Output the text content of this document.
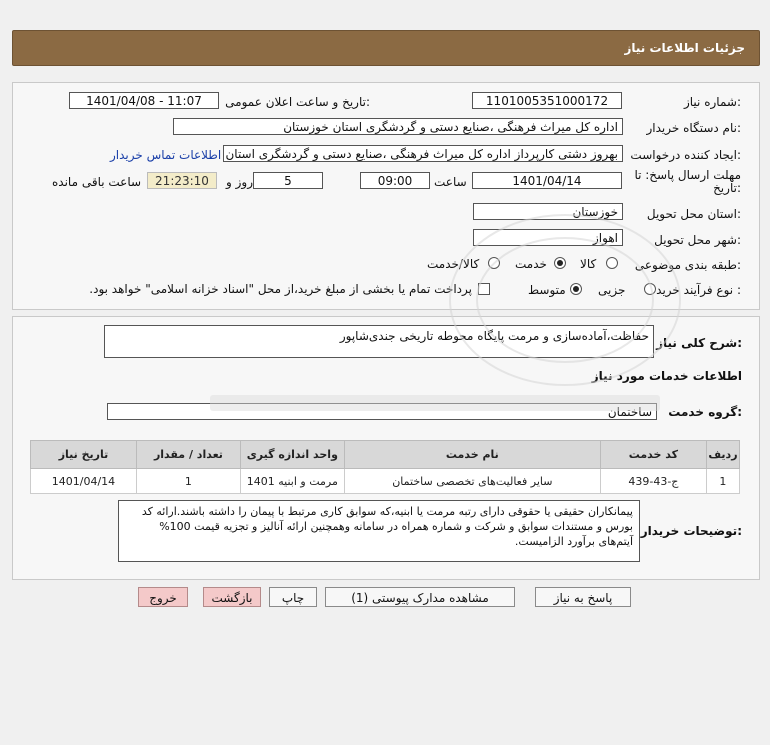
جزئیات اطلاعات نیاز
شماره نیاز:
1101005351000172
تاریخ و ساعت اعلان عمومی:
1401/04/08 - 11:07
نام دستگاه خریدار:
اداره کل میراث فرهنگی ،صنایع دستی و گردشگری استان خوزستان
ایجاد کننده درخواست:
بهروز دشتی کارپرداز اداره کل میراث فرهنگی ،صنایع دستی و گردشگری استان
اطلاعات تماس خریدار
مهلت ارسال پاسخ: تا
تاریخ:
1401/04/14
ساعت
09:00
5
روز و
21:23:10
ساعت باقی مانده
استان محل تحویل:
خوزستان
شهر محل تحویل:
اهواز
طبقه بندی موضوعی:
کالا
خدمت
کالا/خدمت
نوع فرآیند خرید :
جزیی
متوسط
پرداخت تمام یا بخشی از مبلغ خرید،از محل "اسناد خزانه اسلامی" خواهد بود.
شرح کلی نیاز:
حفاظت،آماده‌سازی و مرمت پایگاه محوطه تاریخی جندی‌شاپور
اطلاعات خدمات مورد نیاز
گروه خدمت:
ساختمان
ردیف	کد خدمت	نام خدمت	واحد اندازه گیری	تعداد / مقدار	تاریخ نیاز
1	ج-43-439	سایر فعالیت‌های تخصصی ساختمان	مرمت و ابنیه 1401	1	1401/04/14
توضیحات خریدار:
پیمانکاران حقیقی یا حقوقی دارای رتبه مرمت یا ابنیه،که سوابق کاری مرتبط با پیمان را داشته باشند.ارائه کد بورس و مستندات سوابق و شرکت و شماره همراه در سامانه وهمچنین ارائه آنالیز و تجزیه قیمت 100% آیتم‌های برآورد الزامیست.
پاسخ به نیاز
مشاهده مدارک پیوستی (1)
چاپ
بازگشت
خروج
